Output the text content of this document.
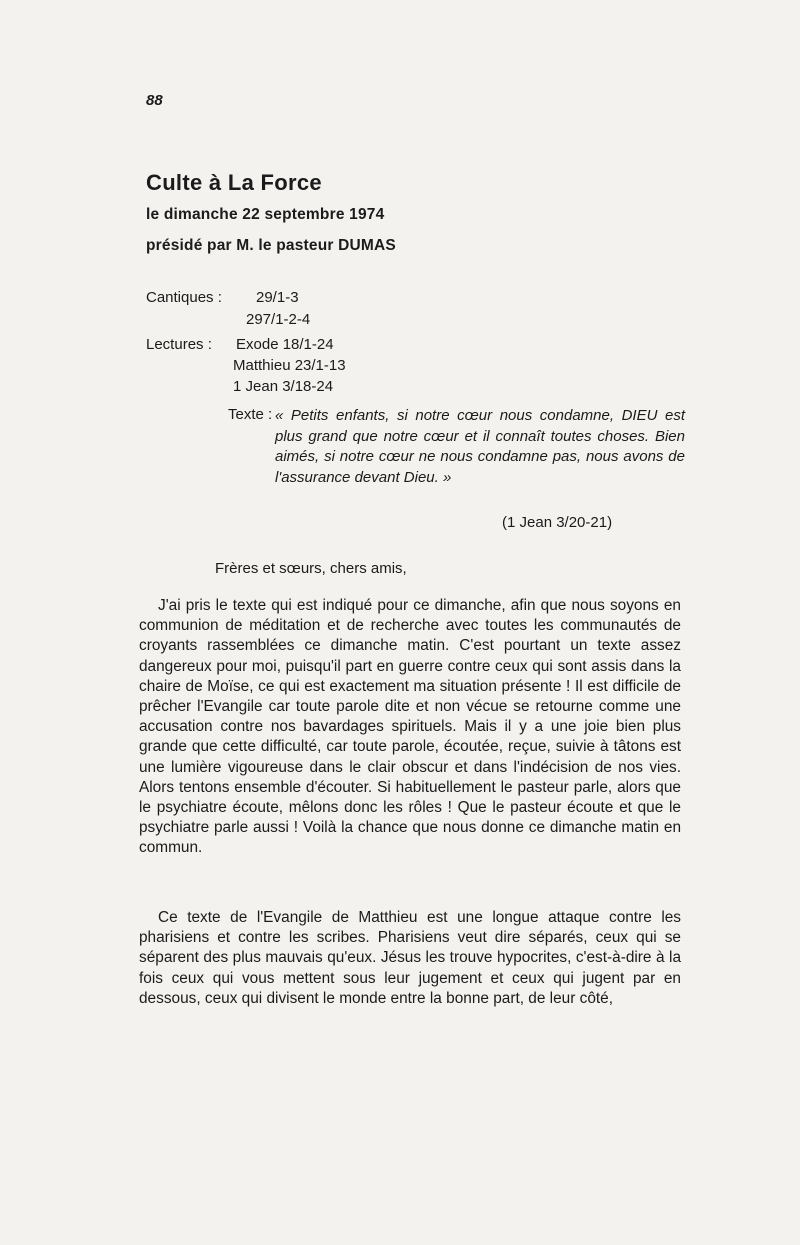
88
Culte à La Force
le dimanche 22 septembre 1974
présidé par M. le pasteur DUMAS
Cantiques : 29/1-3
297/1-2-4
Lectures : Exode 18/1-24
Matthieu 23/1-13
1 Jean 3/18-24
Texte : « Petits enfants, si notre cœur nous condamne, DIEU est plus grand que notre cœur et il connaît toutes choses. Bien aimés, si notre cœur ne nous condamne pas, nous avons de l'assurance devant Dieu. »
(1 Jean 3/20-21)
Frères et sœurs, chers amis,

J'ai pris le texte qui est indiqué pour ce dimanche, afin que nous soyons en communion de méditation et de recherche avec toutes les communautés de croyants rassemblées ce dimanche matin. C'est pourtant un texte assez dangereux pour moi, puisqu'il part en guerre contre ceux qui sont assis dans la chaire de Moïse, ce qui est exactement ma situation présente ! Il est difficile de prêcher l'Evangile car toute parole dite et non vécue se retourne comme une accusation contre nos bavardages spirituels. Mais il y a une joie bien plus grande que cette difficulté, car toute parole, écoutée, reçue, suivie à tâtons est une lumière vigoureuse dans le clair obscur et dans l'indécision de nos vies. Alors tentons ensemble d'écouter. Si habituellement le pasteur parle, alors que le psychiatre écoute, mêlons donc les rôles ! Que le pasteur écoute et que le psychiatre parle aussi ! Voilà la chance que nous donne ce dimanche matin en commun.

Ce texte de l'Evangile de Matthieu est une longue attaque contre les pharisiens et contre les scribes. Pharisiens veut dire séparés, ceux qui se séparent des plus mauvais qu'eux. Jésus les trouve hypocrites, c'est-à-dire à la fois ceux qui vous mettent sous leur jugement et ceux qui jugent par en dessous, ceux qui divisent le monde entre la bonne part, de leur côté,
